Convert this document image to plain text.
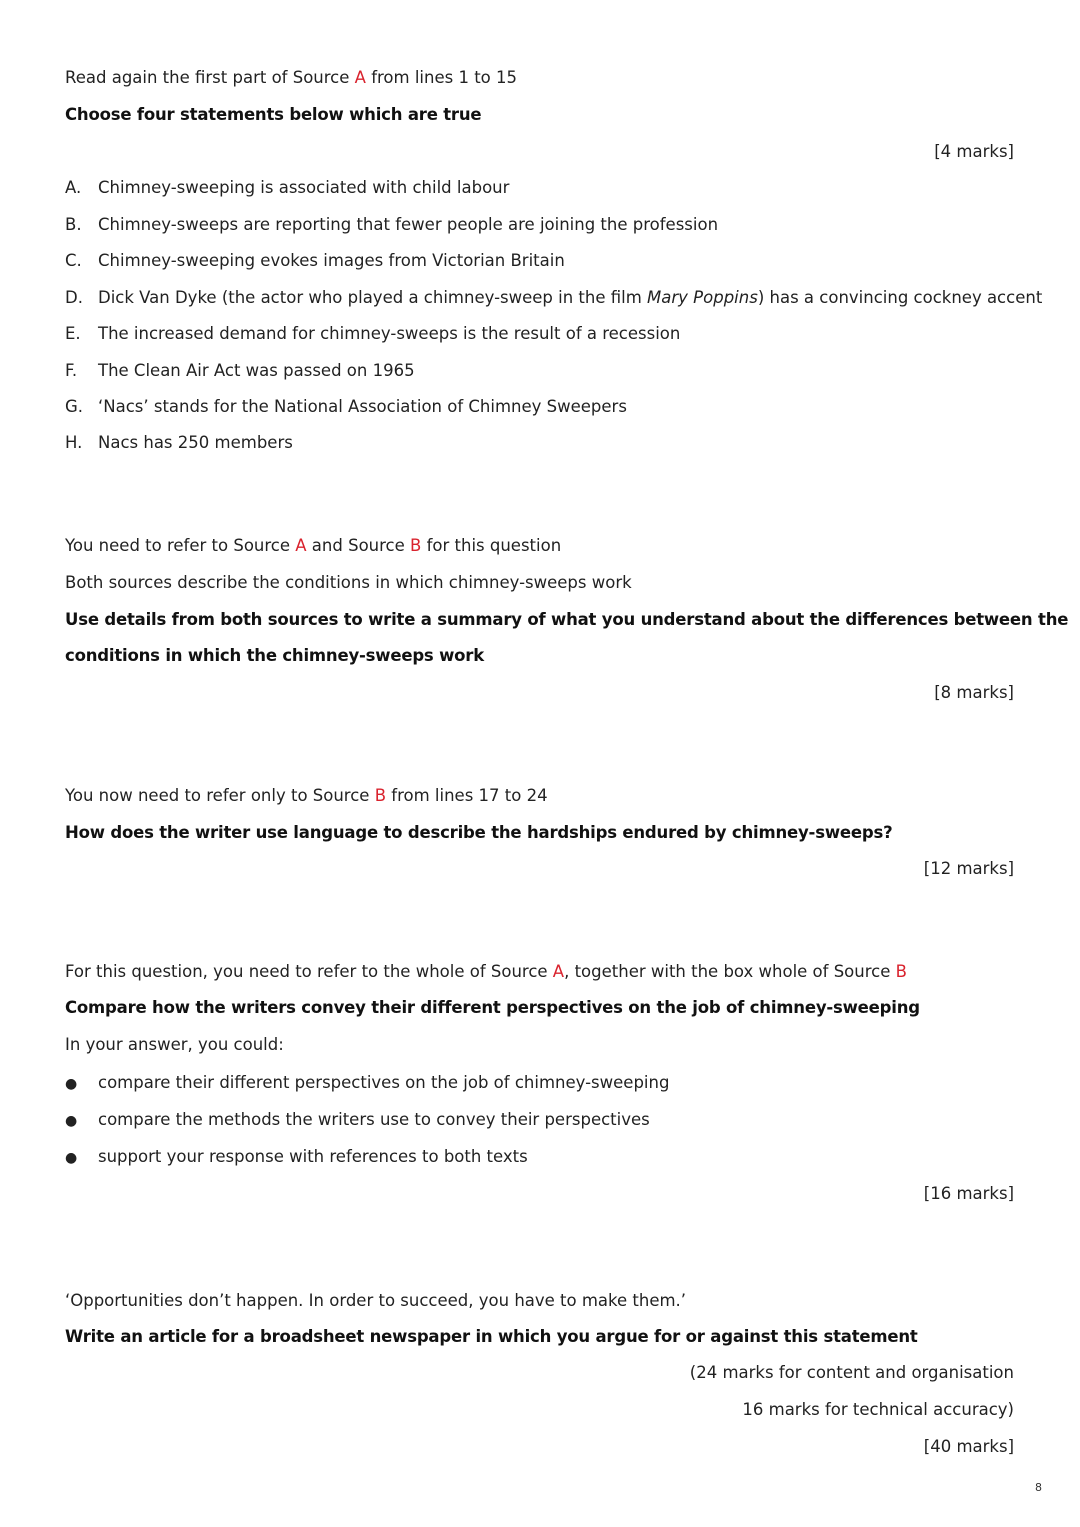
Read again the first part of Source A from lines 1 to 15
Choose four statements below which are true
[4 marks]
A. Chimney-sweeping is associated with child labour
B. Chimney-sweeps are reporting that fewer people are joining the profession
C. Chimney-sweeping evokes images from Victorian Britain
D. Dick Van Dyke (the actor who played a chimney-sweep in the film Mary Poppins) has a convincing cockney accent
E. The increased demand for chimney-sweeps is the result of a recession
F. The Clean Air Act was passed on 1965
G. ‘Nacs’ stands for the National Association of Chimney Sweepers
H. Nacs has 250 members
You need to refer to Source A and Source B for this question
Both sources describe the conditions in which chimney-sweeps work
Use details from both sources to write a summary of what you understand about the differences between the
conditions in which the chimney-sweeps work
[8 marks]
You now need to refer only to Source B from lines 17 to 24
How does the writer use language to describe the hardships endured by chimney-sweeps?
[12 marks]
For this question, you need to refer to the whole of Source A, together with the box whole of Source B
Compare how the writers convey their different perspectives on the job of chimney-sweeping
In your answer, you could:
● compare their different perspectives on the job of chimney-sweeping
● compare the methods the writers use to convey their perspectives
● support your response with references to both texts
[16 marks]
‘Opportunities don’t happen. In order to succeed, you have to make them.’
Write an article for a broadsheet newspaper in which you argue for or against this statement
(24 marks for content and organisation
16 marks for technical accuracy)
[40 marks]
8
